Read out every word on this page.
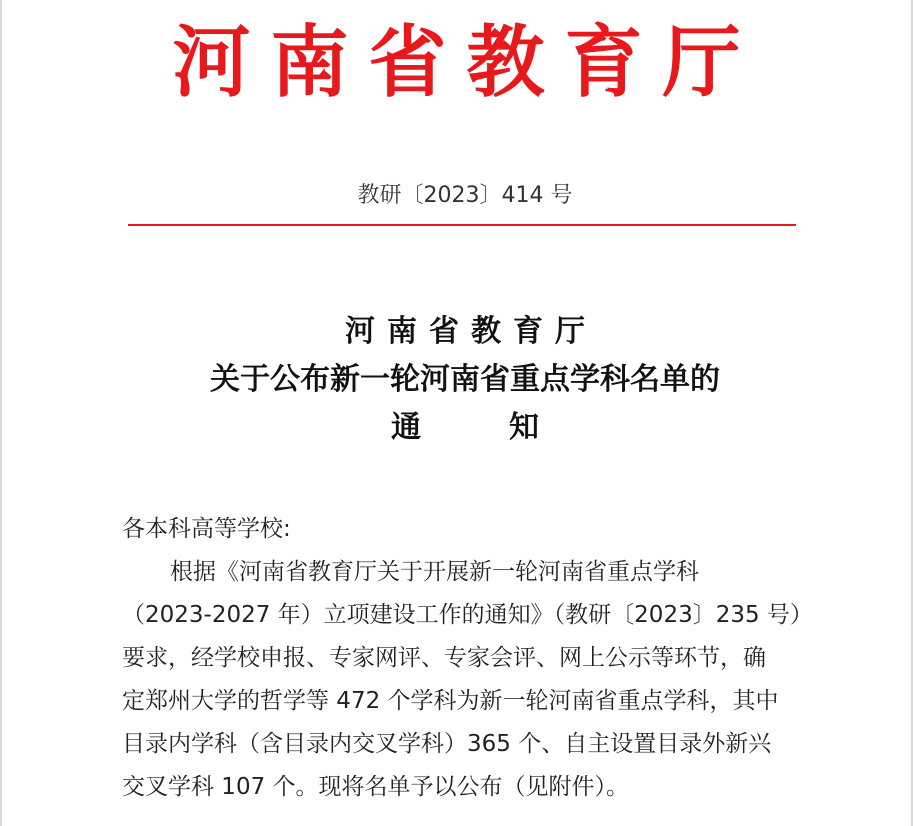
河南省教育厅
教研〔2023〕414 号
河南省教育厅
关于公布新一轮河南省重点学科名单的
通	知

各本科高等学校:

根据《河南省教育厅关于开展新一轮河南省重点学科

（2023-2027 年）立项建设工作的通知》（教研〔2023〕235 号）

要求，经学校申报、专家网评、专家会评、网上公示等环节，确

定郑州大学的哲学等 472 个学科为新一轮河南省重点学科，其中

目录内学科（含目录内交叉学科）365 个、自主设置目录外新兴

交叉学科 107 个。现将名单予以公布（见附件）。
